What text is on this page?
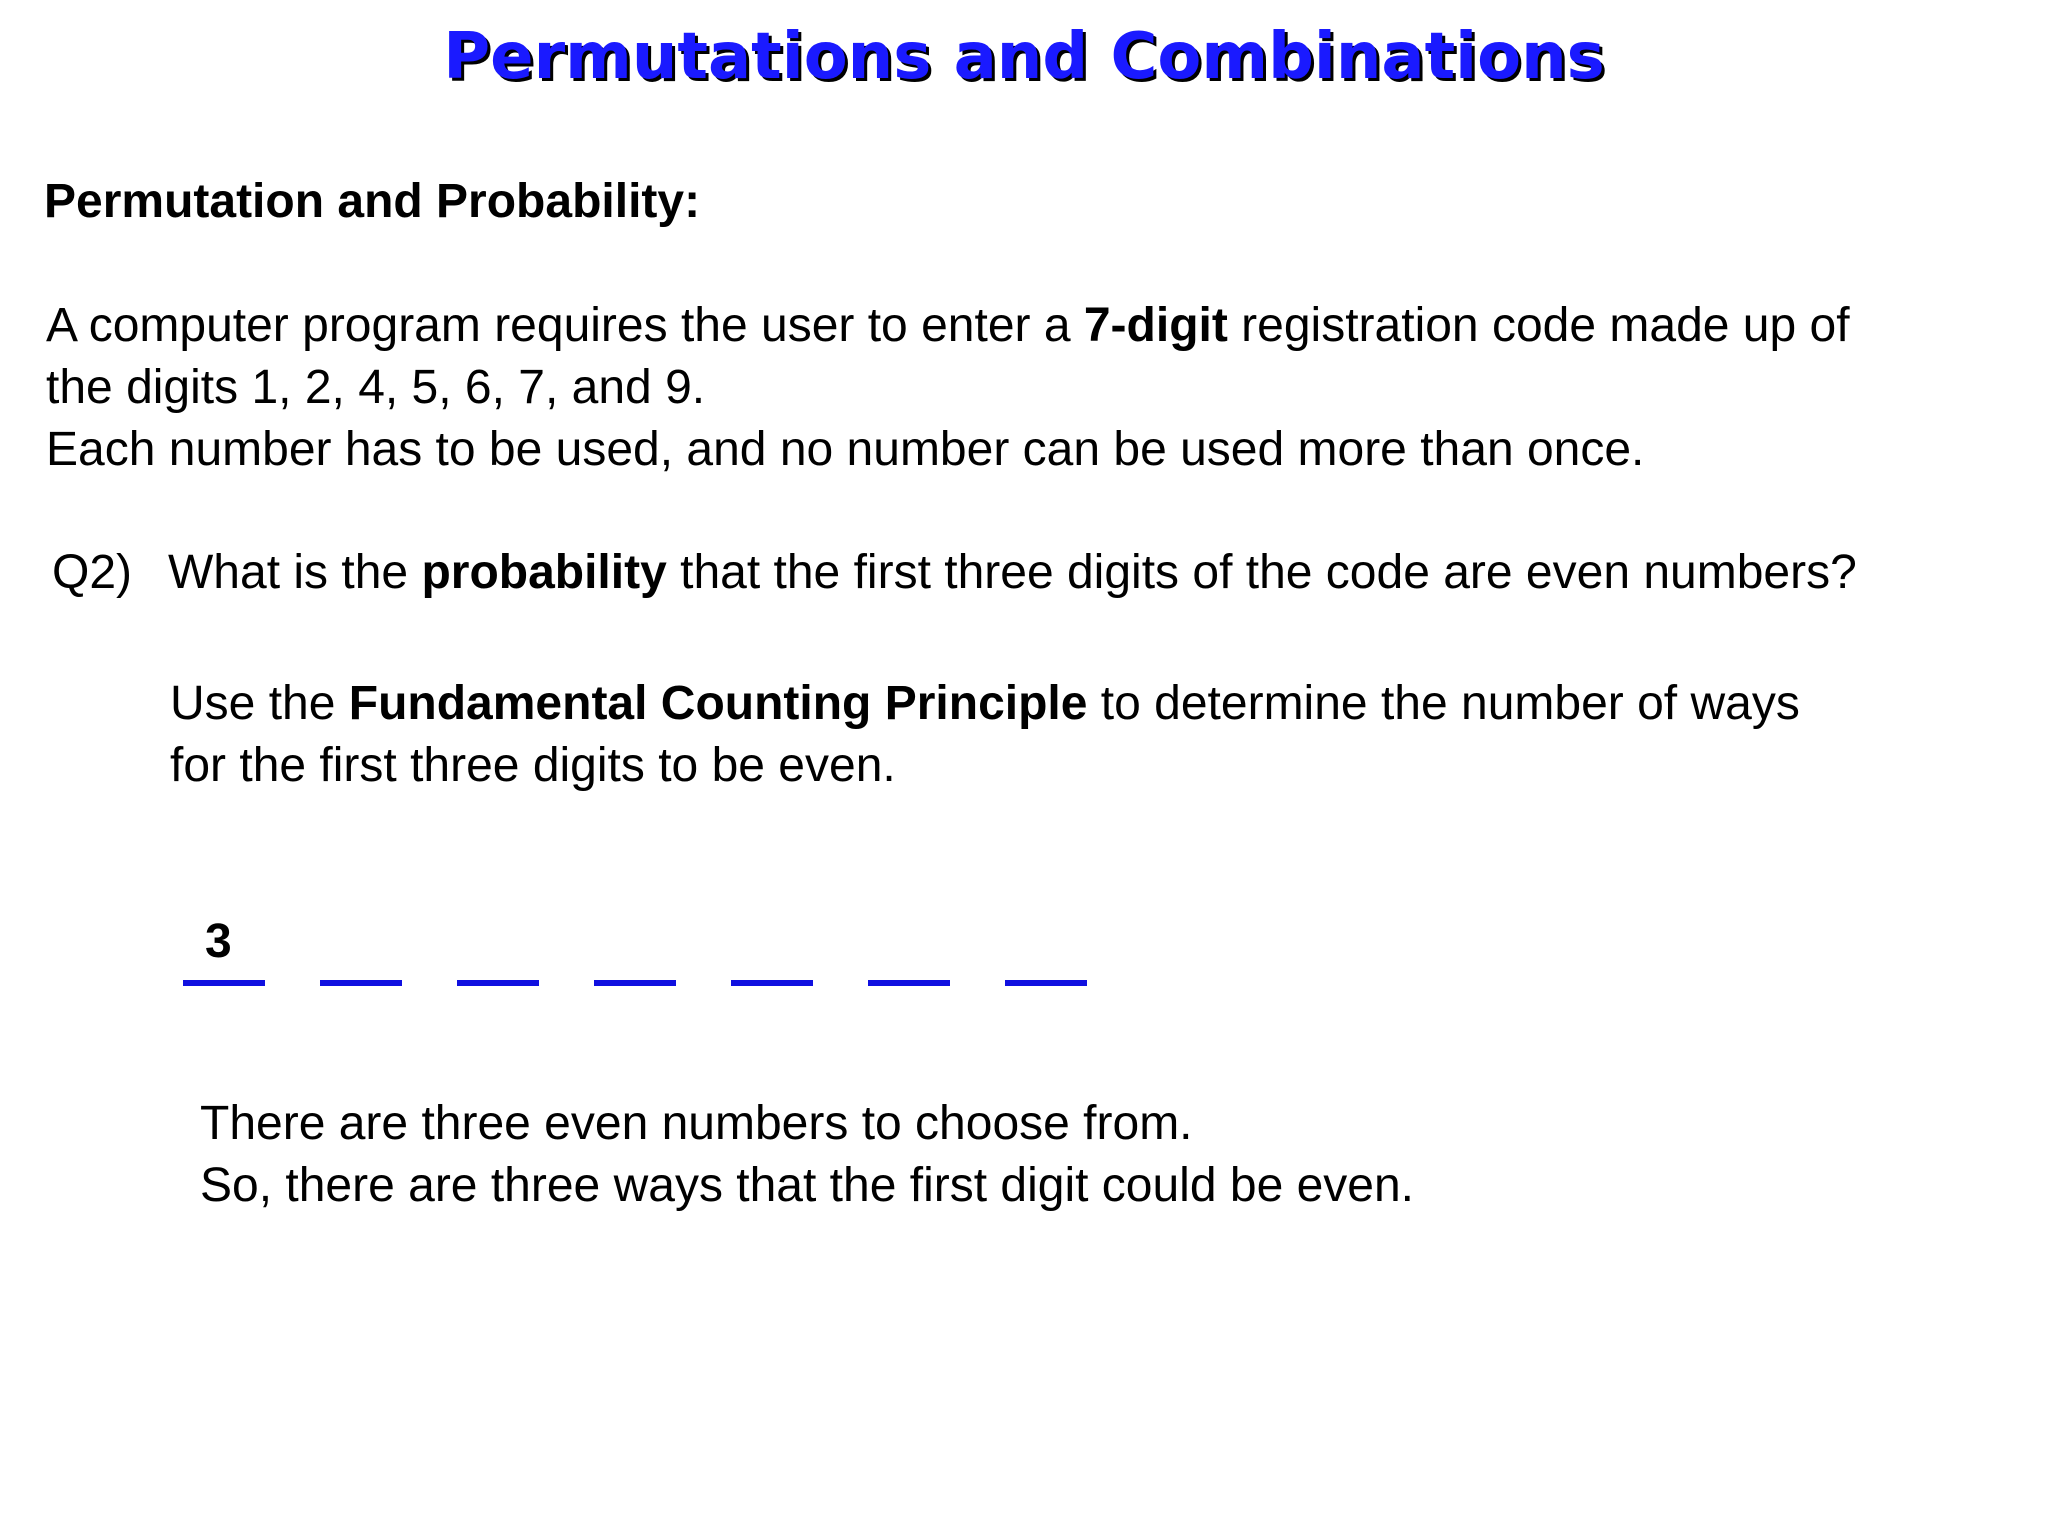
Permutations and Combinations
Permutation and Probability:
A computer program requires the user to enter a 7-digit registration code made up of
the digits 1, 2, 4, 5, 6, 7, and 9.
Each number has to be used, and no number can be used more than once.
Q2) What is the probability that the first three digits of the code are even numbers?
Use the Fundamental Counting Principle to determine the number of ways
for the first three digits to be even.
3
There are three even numbers to choose from.
So, there are three ways that the first digit could be even.
